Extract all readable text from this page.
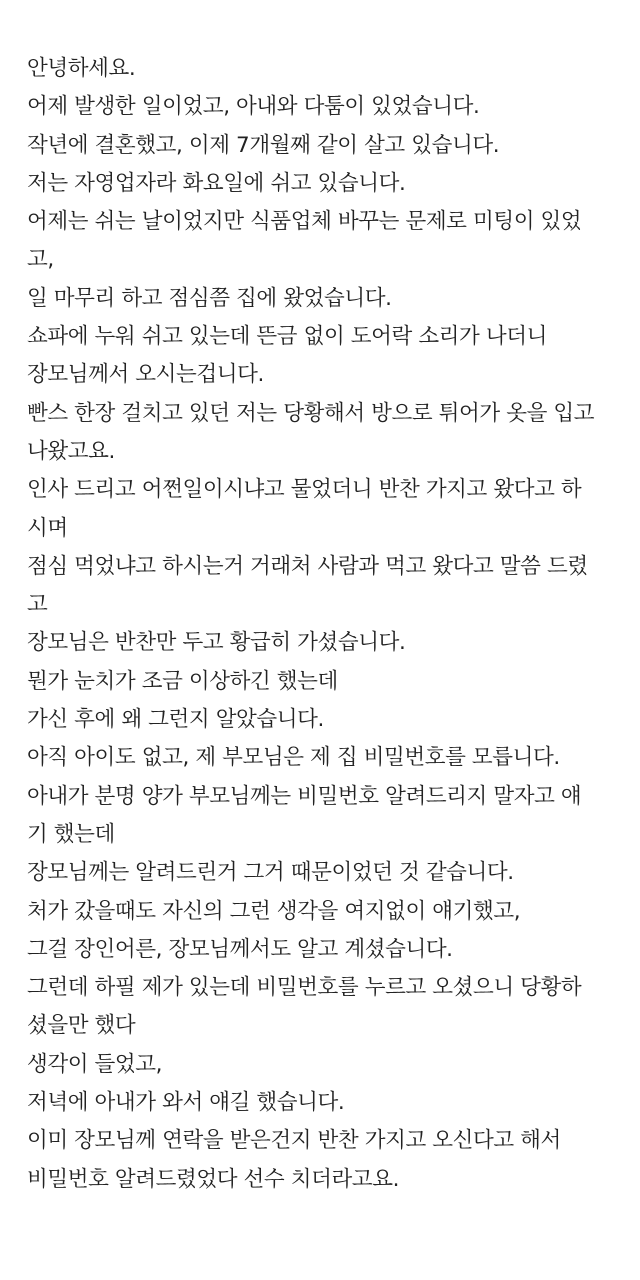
안녕하세요.
어제 발생한 일이었고, 아내와 다툼이 있었습니다.
작년에 결혼했고, 이제 7개월째 같이 살고 있습니다.
저는 자영업자라 화요일에 쉬고 있습니다.
어제는 쉬는 날이었지만 식품업체 바꾸는 문제로 미팅이 있었
고,
일 마무리 하고 점심쯤 집에 왔었습니다.
쇼파에 누워 쉬고 있는데 뜬금 없이 도어락 소리가 나더니
장모님께서 오시는겁니다.
빤스 한장 걸치고 있던 저는 당황해서 방으로 튀어가 옷을 입고
나왔고요.
인사 드리고 어쩐일이시냐고 물었더니 반찬 가지고 왔다고 하
시며
점심 먹었냐고 하시는거 거래처 사람과 먹고 왔다고 말씀 드렸
고
장모님은 반찬만 두고 황급히 가셨습니다.
뭔가 눈치가 조금 이상하긴 했는데
가신 후에 왜 그런지 알았습니다.
아직 아이도 없고, 제 부모님은 제 집 비밀번호를 모릅니다.
아내가 분명 양가 부모님께는 비밀번호 알려드리지 말자고 얘
기 했는데
장모님께는 알려드린거 그거 때문이었던 것 같습니다.
처가 갔을때도 자신의 그런 생각을 여지없이 얘기했고,
그걸 장인어른, 장모님께서도 알고 계셨습니다.
그런데 하필 제가 있는데 비밀번호를 누르고 오셨으니 당황하
셨을만 했다
생각이 들었고,
저녁에 아내가 와서 얘길 했습니다.
이미 장모님께 연락을 받은건지 반찬 가지고 오신다고 해서
비밀번호 알려드렸었다 선수 치더라고요.
